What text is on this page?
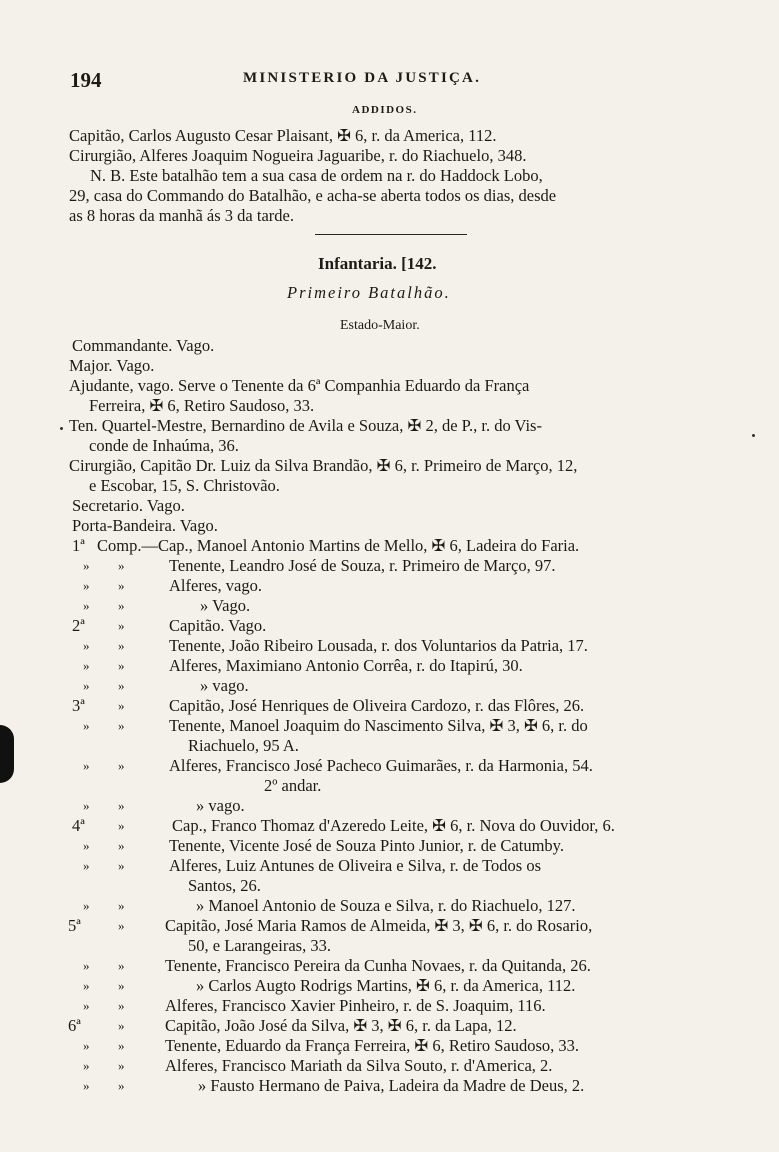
194	MINISTERIO DA JUSTIÇA.
ADDIDOS.
Capitão, Carlos Augusto Cesar Plaisant, ✠ 6, r. da America, 112.
Cirurgião, Alferes Joaquim Nogueira Jaguaribe, r. do Riachuelo, 348.
N. B. Este batalhão tem a sua casa de ordem na r. do Haddock Lobo,
29, casa do Commando do Batalhão, e acha-se aberta todos os dias, desde
as 8 horas da manhã ás 3 da tarde.
Infantaria. [142.
Primeiro Batalhão.
Estado-Maior.
Commandante. Vago.
Major. Vago.
Ajudante, vago. Serve o Tenente da 6ª Companhia Eduardo da França
Ferreira, ✠ 6, Retiro Saudoso, 33.
Ten. Quartel-Mestre, Bernardino de Avila e Souza, ✠ 2, de P., r. do Vis-
conde de Inhaúma, 36.
Cirurgião, Capitão Dr. Luiz da Silva Brandão, ✠ 6, r. Primeiro de Março, 12,
e Escobar, 15, S. Christovão.
Secretario. Vago.
Porta-Bandeira. Vago.
1ª Comp.—Cap., Manoel Antonio Martins de Mello, ✠ 6, Ladeira do Faria.
» »	Tenente, Leandro José de Souza, r. Primeiro de Março, 97.
» »	Alferes, vago.
» »	» Vago.
2ª	»	Capitão. Vago.
» »	Tenente, João Ribeiro Lousada, r. dos Voluntarios da Patria, 17.
» »	Alferes, Maximiano Antonio Corrêa, r. do Itapirú, 30.
» »	» vago.
3ª	»	Capitão, José Henriques de Oliveira Cardozo, r. das Flôres, 26.
» »	Tenente, Manoel Joaquim do Nascimento Silva, ✠ 3, ✠ 6, r. do
Riachuelo, 95 A.
» »	Alferes, Francisco José Pacheco Guimarães, r. da Harmonia, 54.
2º andar.
» »	» vago.
4ª	»	Cap., Franco Thomaz d'Azeredo Leite, ✠ 6, r. Nova do Ouvidor, 6.
» »	Tenente, Vicente José de Souza Pinto Junior, r. de Catumby.
» »	Alferes, Luiz Antunes de Oliveira e Silva, r. de Todos os
Santos, 26.
» »	» Manoel Antonio de Souza e Silva, r. do Riachuelo, 127.
5ª	» Capitão, José Maria Ramos de Almeida, ✠ 3, ✠ 6, r. do Rosario,
50, e Larangeiras, 33.
» » Tenente, Francisco Pereira da Cunha Novaes, r. da Quitanda, 26.
» »	» Carlos Augto Rodrigs Martins, ✠ 6, r. da America, 112.
» » Alferes, Francisco Xavier Pinheiro, r. de S. Joaquim, 116.
6ª	» Capitão, João José da Silva, ✠ 3, ✠ 6, r. da Lapa, 12.
» » Tenente, Eduardo da França Ferreira, ✠ 6, Retiro Saudoso, 33.
» » Alferes, Francisco Mariath da Silva Souto, r. d'America, 2.
» »	» Fausto Hermano de Paiva, Ladeira da Madre de Deus, 2.
